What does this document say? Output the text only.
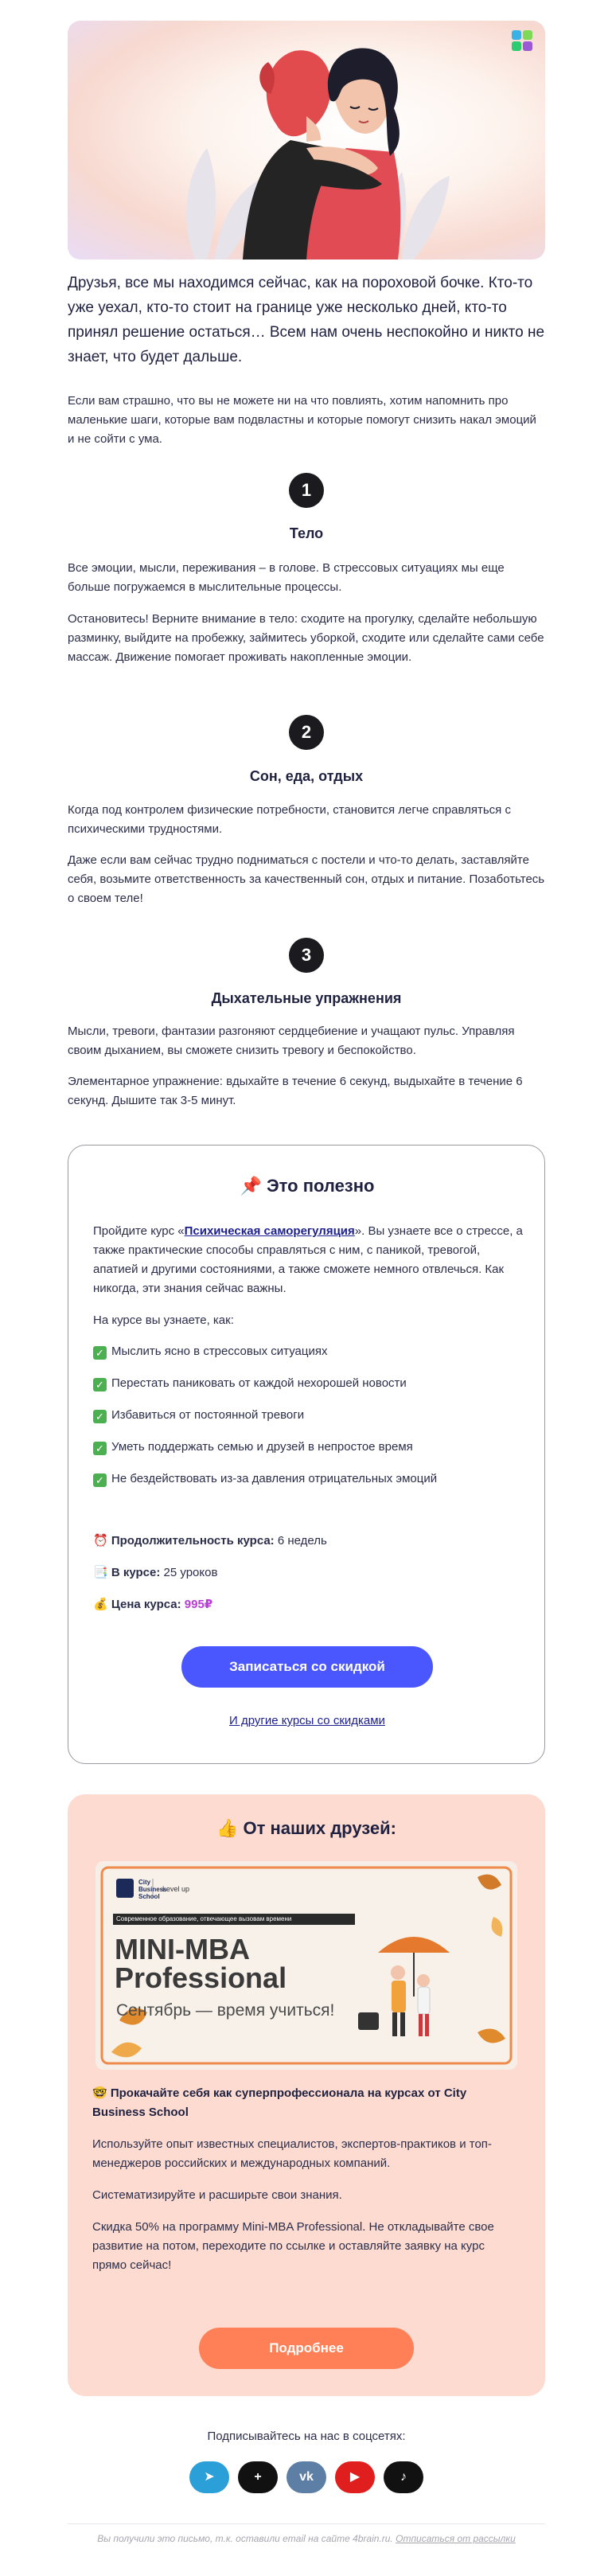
Друзья, все мы находимся сейчас, как на пороховой бочке. Кто-то уже уехал, кто-то стоит на границе уже несколько дней, кто-то принял решение остаться… Всем нам очень неспокойно и никто не знает, что будет дальше.

Если вам страшно, что вы не можете ни на что повлиять, хотим напомнить про маленькие шаги, которые вам подвластны и которые помогут снизить накал эмоций и не сойти с ума.

1
Тело

Все эмоции, мысли, переживания – в голове. В стрессовых ситуациях мы еще больше погружаемся в мыслительные процессы.

Остановитесь! Верните внимание в тело: сходите на прогулку, сделайте небольшую разминку, выйдите на пробежку, займитесь уборкой, сходите или сделайте сами себе массаж. Движение помогает проживать накопленные эмоции.

2
Сон, еда, отдых

Когда под контролем физические потребности, становится легче справляться с психическими трудностями.

Даже если вам сейчас трудно подниматься с постели и что-то делать, заставляйте себя, возьмите ответственность за качественный сон, отдых и питание. Позаботьтесь о своем теле!

3
Дыхательные упражнения

Мысли, тревоги, фантазии разгоняют сердцебиение и учащают пульс. Управляя своим дыханием, вы сможете снизить тревогу и беспокойство.

Элементарное упражнение: вдыхайте в течение 6 секунд, выдыхайте в течение 6 секунд. Дышите так 3-5 минут.

📌 Это полезно

Пройдите курс «Психическая саморегуляция». Вы узнаете все о стрессе, а также практические способы справляться с ним, с паникой, тревогой, апатией и другими состояниями, а также сможете немного отвлечься. Как никогда, эти знания сейчас важны.

На курсе вы узнаете, как:

✓ Мыслить ясно в стрессовых ситуациях
✓ Перестать паниковать от каждой нехорошей новости
✓ Избавиться от постоянной тревоги
✓ Уметь поддержать семью и друзей в непростое время
✓ Не бездействовать из-за давления отрицательных эмоций
⏰ Продолжительность курса: 6 недель
📑 В курсе: 25 уроков
💰 Цена курса: 995₽
Записаться со скидкой
И другие курсы со скидками
👍 От наших друзей:
City
Business
School
Level up
Современное образование, отвечающее вызовам времени
MINI-MBA
Professional
Сентябрь — время учиться!

🤓 Прокачайте себя как суперпрофессионала на курсах от City Business School

Используйте опыт известных специалистов, экспертов-практиков и топ-менеджеров российских и международных компаний.

Систематизируйте и расширьте свои знания.

Скидка 50% на программу Mini-MBA Professional. Не откладывайте свое развитие на потом, переходите по ссылке и оставляйте заявку на курс прямо сейчас!

Подробнее
Подписывайтесь на нас в соцсетях:
➤	+	vk	▶	♪
Вы получили это письмо, т.к. оставили email на сайте 4brain.ru. Отписаться от рассылки
